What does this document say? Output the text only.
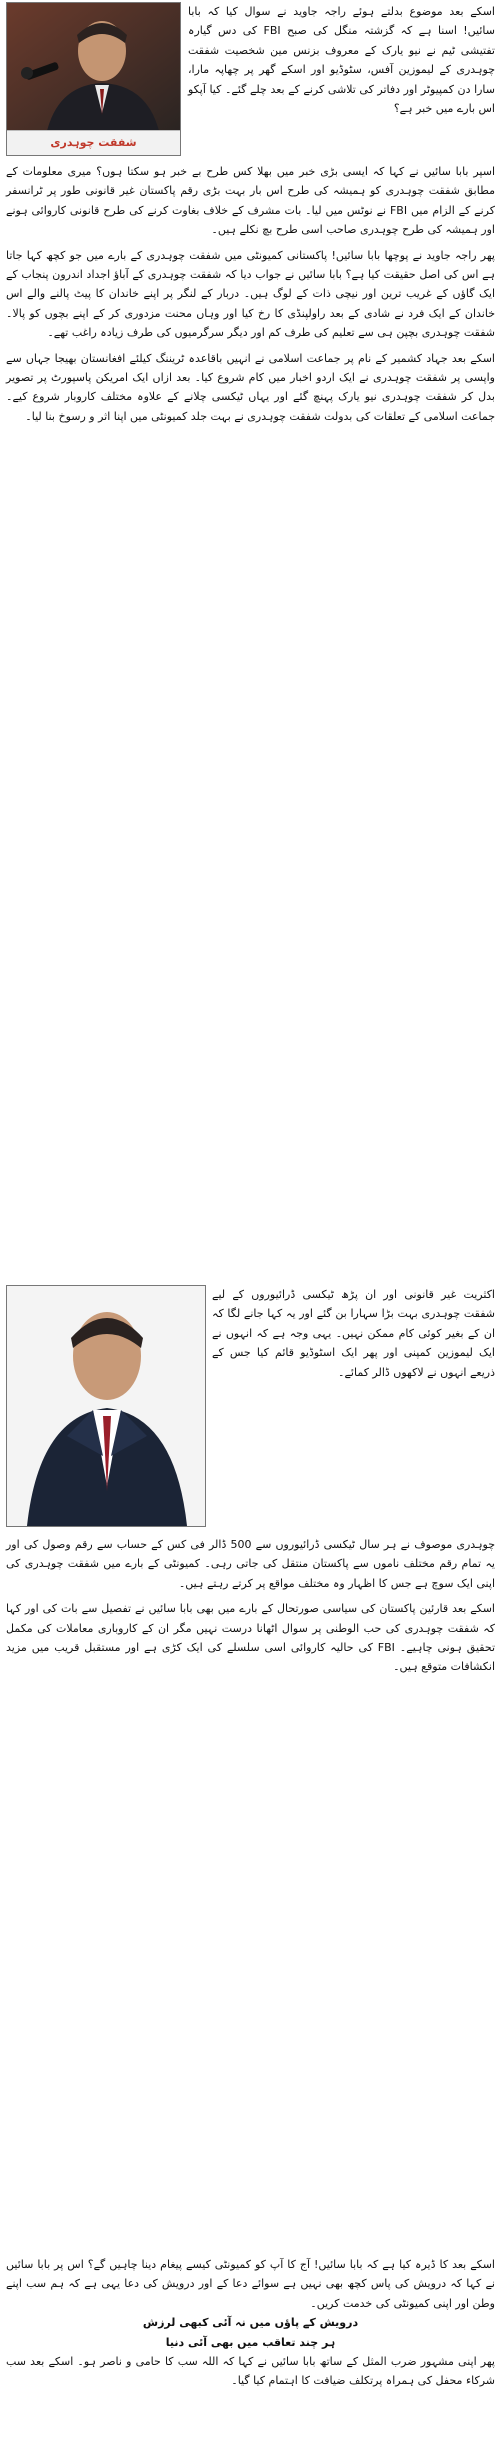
شفقت چوہدری

اسکے بعد موضوع بدلتے ہوئے راجہ جاوید نے سوال کیا کہ بابا سائیں! اسنا ہے کہ گزشتہ منگل کی صبح FBI کی دس گیارہ تفتیشی ٹیم نے نیو یارک کے معروف بزنس مین شخصیت شفقت چوہدری کے لیموزین آفس، سٹوڈیو اور اسکے گھر پر چھاپہ مارا، سارا دن کمپیوٹر اور دفاتر کی تلاشی کرنے کے بعد چلے گئے۔ کیا آپکو اس بارے میں خبر ہے؟

اسپر بابا سائیں نے کہا کہ ایسی بڑی خبر میں بھلا کس طرح بے خبر ہو سکتا ہوں؟ میری معلومات کے مطابق شفقت چوہدری کو ہمیشہ کی طرح اس بار بہت بڑی رقم پاکستان غیر قانونی طور پر ٹرانسفر کرنے کے الزام میں FBI نے نوٹس میں لیا۔ بات مشرف کے خلاف بغاوت کرنے کی طرح قانونی کاروائی ہونے اور ہمیشہ کی طرح چوہدری صاحب اسی طرح بچ نکلے ہیں۔

پھر راجہ جاوید نے پوچھا بابا سائیں! پاکستانی کمیونٹی میں شفقت چوہدری کے بارے میں جو کچھ کہا جاتا ہے اس کی اصل حقیقت کیا ہے؟ بابا سائیں نے جواب دیا کہ شفقت چوہدری کے آباؤ اجداد اندرون پنجاب کے ایک گاؤں کے غریب ترین اور نیچی ذات کے لوگ ہیں۔ دربار کے لنگر پر اپنے خاندان کا پیٹ پالنے والے اس خاندان کے ایک فرد نے شادی کے بعد راولپنڈی کا رخ کیا اور وہاں محنت مزدوری کر کے اپنے بچوں کو پالا۔ شفقت چوہدری بچپن ہی سے تعلیم کی طرف کم اور دیگر سرگرمیوں کی طرف زیادہ راغب تھے۔

اسکے بعد جہاد کشمیر کے نام پر جماعت اسلامی نے انہیں باقاعدہ ٹریننگ کیلئے افغانستان بھیجا جہاں سے واپسی پر شفقت چوہدری نے ایک اردو اخبار میں کام شروع کیا۔ بعد ازاں ایک امریکن پاسپورٹ پر تصویر بدل کر شفقت چوہدری نیو یارک پہنچ گئے اور یہاں ٹیکسی چلانے کے علاوہ مختلف کاروبار شروع کیے۔ جماعت اسلامی کے تعلقات کی بدولت شفقت چوہدری نے بہت جلد کمیونٹی میں اپنا اثر و رسوخ بنا لیا۔

اکثریت غیر قانونی اور ان پڑھ ٹیکسی ڈرائیوروں کے لیے شفقت چوہدری بہت بڑا سہارا بن گئے اور یہ کہا جانے لگا کہ ان کے بغیر کوئی کام ممکن نہیں۔ یہی وجہ ہے کہ انہوں نے ایک لیموزین کمپنی اور پھر ایک اسٹوڈیو قائم کیا جس کے ذریعے انہوں نے لاکھوں ڈالر کمائے۔

چوہدری موصوف نے ہر سال ٹیکسی ڈرائیوروں سے 500 ڈالر فی کس کے حساب سے رقم وصول کی اور یہ تمام رقم مختلف ناموں سے پاکستان منتقل کی جاتی رہی۔ کمیونٹی کے بارے میں شفقت چوہدری کی اپنی ایک سوچ ہے جس کا اظہار وہ مختلف مواقع پر کرتے رہتے ہیں۔

اسکے بعد قارئین پاکستان کی سیاسی صورتحال کے بارے میں بھی بابا سائیں نے تفصیل سے بات کی اور کہا کہ شفقت چوہدری کی حب الوطنی پر سوال اٹھانا درست نہیں مگر ان کے کاروباری معاملات کی مکمل تحقیق ہونی چاہیے۔ FBI کی حالیہ کاروائی اسی سلسلے کی ایک کڑی ہے اور مستقبل قریب میں مزید انکشافات متوقع ہیں۔

اسکے بعد کا ڈیرہ کیا ہے کہ بابا سائیں! آج کا آپ کو کمیونٹی کیسے پیغام دینا چاہیں گے؟ اس پر بابا سائیں نے کہا کہ درویش کی پاس کچھ بھی نہیں ہے سوائے دعا کے اور درویش کی دعا یہی ہے کہ ہم سب اپنے وطن اور اپنی کمیونٹی کی خدمت کریں۔

درویش کے پاؤں میں نہ آئی کبھی لرزش

ہر چند تعاقب میں بھی آئی دنیا

پھر اپنی مشہور ضرب المثل کے ساتھ بابا سائیں نے کہا کہ اللہ سب کا حامی و ناصر ہو۔ اسکے بعد سب شرکاء محفل کی ہمراہ پرتکلف ضیافت کا اہتمام کیا گیا۔
